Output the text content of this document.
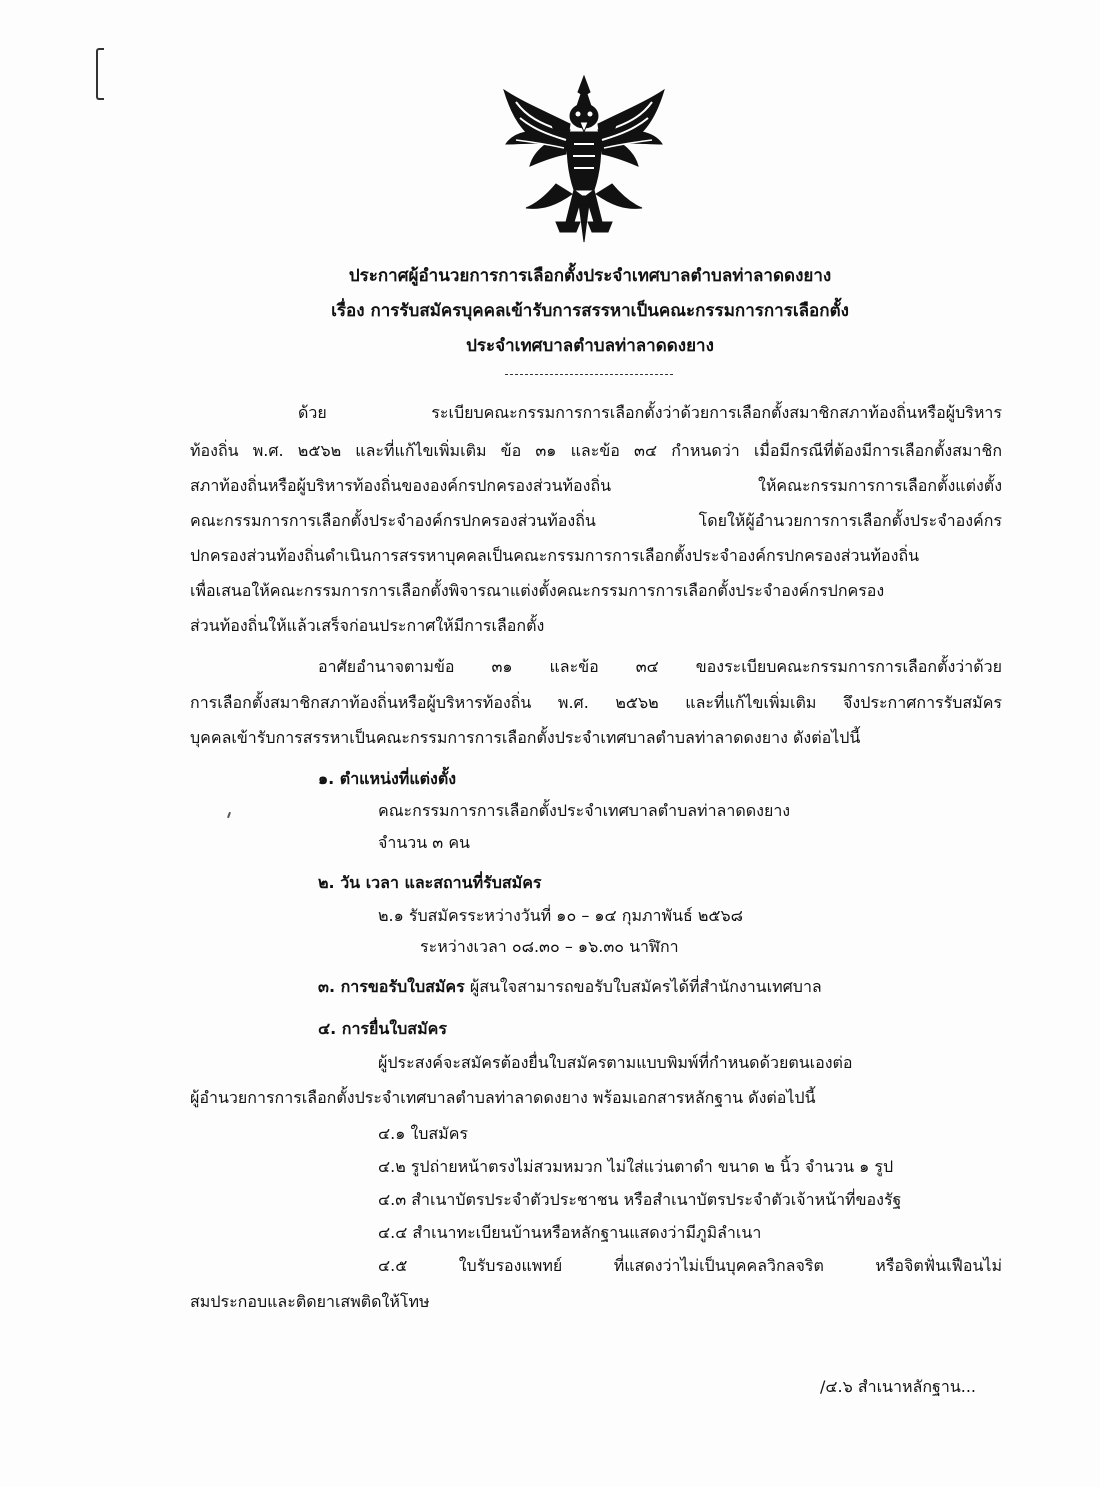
ประกาศผู้อำนวยการการเลือกตั้งประจำเทศบาลตำบลท่าลาดดงยาง
เรื่อง การรับสมัครบุคคลเข้ารับการสรรหาเป็นคณะกรรมการการเลือกตั้ง
ประจำเทศบาลตำบลท่าลาดดงยาง
ด้วย ระเบียบคณะกรรมการการเลือกตั้งว่าด้วยการเลือกตั้งสมาชิกสภาท้องถิ่นหรือผู้บริหาร
ท้องถิ่น พ.ศ. ๒๕๖๒ และที่แก้ไขเพิ่มเติม ข้อ ๓๑ และข้อ ๓๔ กำหนดว่า เมื่อมีกรณีที่ต้องมีการเลือกตั้งสมาชิก
สภาท้องถิ่นหรือผู้บริหารท้องถิ่นขององค์กรปกครองส่วนท้องถิ่น ให้คณะกรรมการการเลือกตั้งแต่งตั้ง
คณะกรรมการการเลือกตั้งประจำองค์กรปกครองส่วนท้องถิ่น โดยให้ผู้อำนวยการการเลือกตั้งประจำองค์กร
ปกครองส่วนท้องถิ่นดำเนินการสรรหาบุคคลเป็นคณะกรรมการการเลือกตั้งประจำองค์กรปกครองส่วนท้องถิ่น
เพื่อเสนอให้คณะกรรมการการเลือกตั้งพิจารณาแต่งตั้งคณะกรรมการการเลือกตั้งประจำองค์กรปกครอง
ส่วนท้องถิ่นให้แล้วเสร็จก่อนประกาศให้มีการเลือกตั้ง
อาศัยอำนาจตามข้อ ๓๑ และข้อ ๓๔ ของระเบียบคณะกรรมการการเลือกตั้งว่าด้วย
การเลือกตั้งสมาชิกสภาท้องถิ่นหรือผู้บริหารท้องถิ่น พ.ศ. ๒๕๖๒ และที่แก้ไขเพิ่มเติม จึงประกาศการรับสมัคร
บุคคลเข้ารับการสรรหาเป็นคณะกรรมการการเลือกตั้งประจำเทศบาลตำบลท่าลาดดงยาง ดังต่อไปนี้
๑. ตำแหน่งที่แต่งตั้ง
คณะกรรมการการเลือกตั้งประจำเทศบาลตำบลท่าลาดดงยาง
จำนวน ๓ คน
๒. วัน เวลา และสถานที่รับสมัคร
๒.๑ รับสมัครระหว่างวันที่ ๑๐ – ๑๔ กุมภาพันธ์ ๒๕๖๘
ระหว่างเวลา ๐๘.๓๐ – ๑๖.๓๐ นาฬิกา
๓. การขอรับใบสมัคร ผู้สนใจสามารถขอรับใบสมัครได้ที่สำนักงานเทศบาล
๔. การยื่นใบสมัคร
ผู้ประสงค์จะสมัครต้องยื่นใบสมัครตามแบบพิมพ์ที่กำหนดด้วยตนเองต่อ
ผู้อำนวยการการเลือกตั้งประจำเทศบาลตำบลท่าลาดดงยาง พร้อมเอกสารหลักฐาน ดังต่อไปนี้
๔.๑ ใบสมัคร
๔.๒ รูปถ่ายหน้าตรงไม่สวมหมวก ไม่ใส่แว่นตาดำ ขนาด ๒ นิ้ว จำนวน ๑ รูป
๔.๓ สำเนาบัตรประจำตัวประชาชน หรือสำเนาบัตรประจำตัวเจ้าหน้าที่ของรัฐ
๔.๔ สำเนาทะเบียนบ้านหรือหลักฐานแสดงว่ามีภูมิลำเนา
๔.๕ ใบรับรองแพทย์ ที่แสดงว่าไม่เป็นบุคคลวิกลจริต หรือจิตฟั่นเฟือนไม่
สมประกอบและติดยาเสพติดให้โทษ
/๔.๖ สำเนาหลักฐาน...
